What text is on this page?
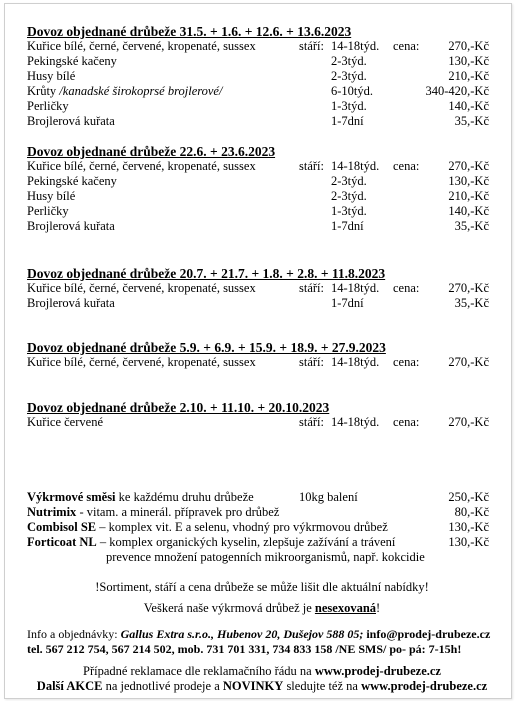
Dovoz objednané drůbeže 31.5. + 1.6. + 12.6. + 13.6.2023
Kuřice bílé, černé, červené, kropenaté, sussex	stáří: 14-18týd. cena: 270,-Kč
Pekingské kačeny	2-3týd.	130,-Kč
Husy bílé	2-3týd.	210,-Kč
Krůty /kanadské širokoprsé brojlerové/	6-10týd.	340-420,-Kč
Perličky	1-3týd.	140,-Kč
Brojlerová kuřata	1-7dní	35,-Kč
Dovoz objednané drůbeže 22.6. + 23.6.2023
Kuřice bílé, černé, červené, kropenaté, sussex	stáří: 14-18týd. cena: 270,-Kč
Pekingské kačeny	2-3týd.	130,-Kč
Husy bílé	2-3týd.	210,-Kč
Perličky	1-3týd.	140,-Kč
Brojlerová kuřata	1-7dní	35,-Kč
Dovoz objednané drůbeže 20.7. + 21.7. + 1.8. + 2.8. + 11.8.2023
Kuřice bílé, černé, červené, kropenaté, sussex	stáří: 14-18týd. cena: 270,-Kč
Brojlerová kuřata	1-7dní	35,-Kč
Dovoz objednané drůbeže 5.9. + 6.9. + 15.9. + 18.9. + 27.9.2023
Kuřice bílé, černé, červené, kropenaté, sussex	stáří: 14-18týd. cena: 270,-Kč
Dovoz objednané drůbeže 2.10. + 11.10. + 20.10.2023
Kuřice červené	stáří: 14-18týd. cena: 270,-Kč
Výkrmové směsi ke každému druhu drůbeže	10kg balení	250,-Kč
Nutrimix - vitam. a minerál. přípravek pro drůbež	80,-Kč
Combisol SE – komplex vit. E a selenu, vhodný pro výkrmovou drůbež	130,-Kč
Forticoat NL – komplex organických kyselin, zlepšuje zažívání a trávení	130,-Kč
prevence množení patogenních mikroorganismů, např. kokcidie
!Sortiment, stáří a cena drůbeže se může lišit dle aktuální nabídky!
Veškerá naše výkrmová drůbež je nesexovaná!
Info a objednávky: Gallus Extra s.r.o., Hubenov 20, Dušejov 588 05; info@prodej-drubeze.cz
tel. 567 212 754, 567 214 502, mob. 731 701 331, 734 833 158 /NE SMS/ po- pá: 7-15h!
Případné reklamace dle reklamačního řádu na www.prodej-drubeze.cz
Další AKCE na jednotlivé prodeje a NOVINKY sledujte též na www.prodej-drubeze.cz
